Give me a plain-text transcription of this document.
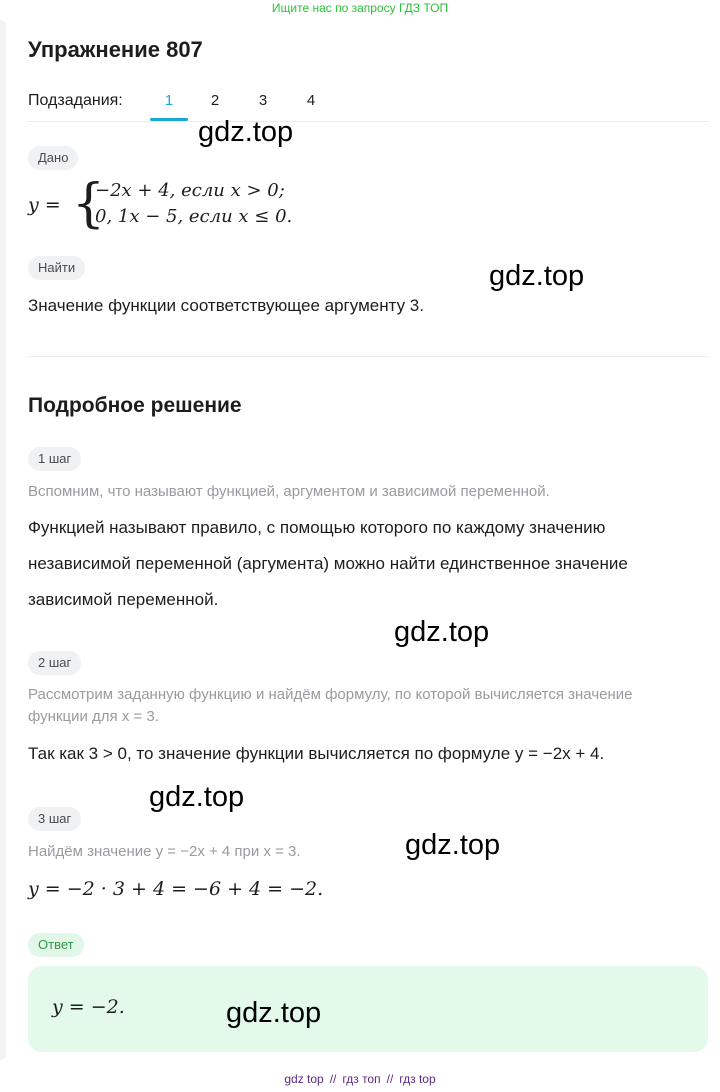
Ищите нас по запросу ГДЗ ТОП
Упражнение 807
Подзадания:	1	2	3	4
Дано
y = {
−2x + 4, если x > 0;
0, 1x − 5, если x ≤ 0.
Найти
Значение функции соответствующее аргументу 3.
Подробное решение
1 шаг
Вспомним, что называют функцией, аргументом и зависимой переменной.
Функцией называют правило, с помощью которого по каждому значению
независимой переменной (аргумента) можно найти единственное значение
зависимой переменной.
2 шаг
Рассмотрим заданную функцию и найдём формулу, по которой вычисляется значение
функции для x = 3.
Так как 3 > 0, то значение функции вычисляется по формуле y = −2x + 4.
3 шаг
Найдём значение y = −2x + 4 при x = 3.
y = −2 · 3 + 4 = −6 + 4 = −2.
Ответ
y = −2.
gdz.top
gdz.top
gdz.top
gdz.top
gdz.top
gdz.top
gdz top // гдз топ // гдз top
